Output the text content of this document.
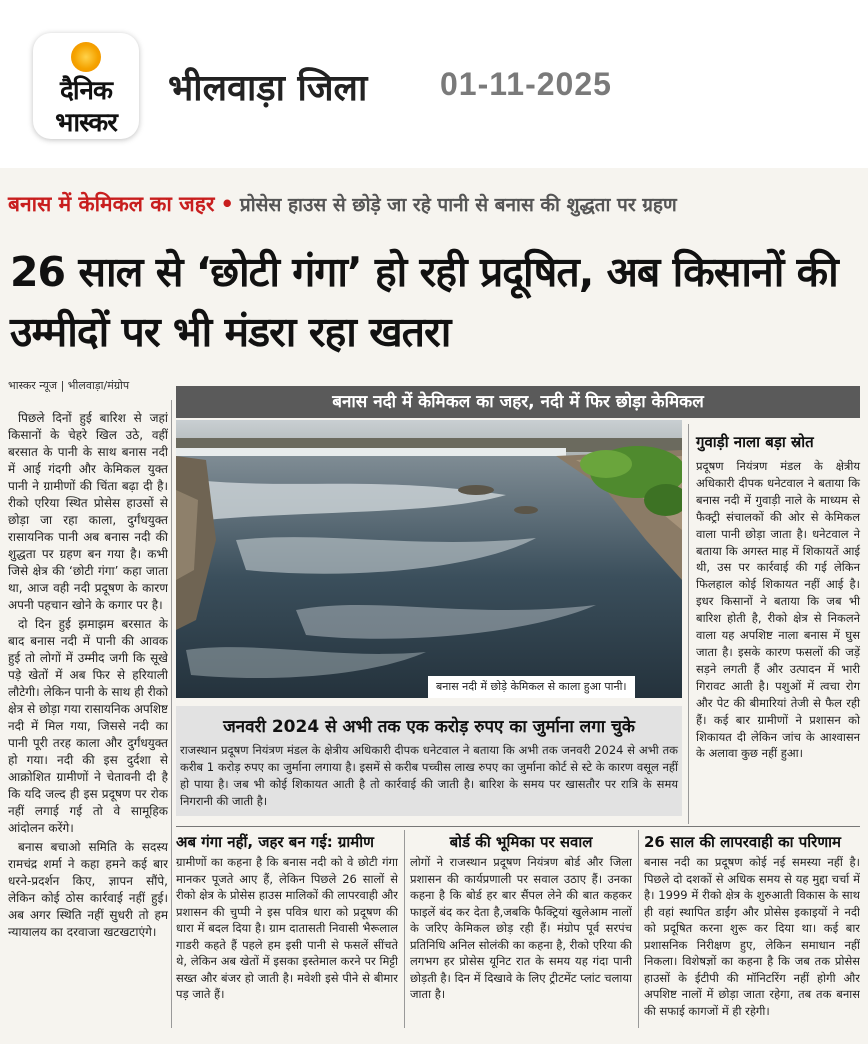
दैनिक
भास्कर
भीलवाड़ा जिला 01-11-2025
बनास में केमिकल का जहर • प्रोसेस हाउस से छोड़े जा रहे पानी से बनास की शुद्धता पर ग्रहण
26 साल से ‘छोटी गंगा’ हो रही प्रदूषित, अब किसानों की उम्मीदों पर भी मंडरा रहा खतरा
भास्कर न्यूज | भीलवाड़ा/मंग्रोप
बनास नदी में केमिकल का जहर, नदी में फिर छोड़ा केमिकल
बनास नदी में छोड़े केमिकल से काला हुआ पानी।

पिछले दिनों हुई बारिश से जहां किसानों के चेहरे खिल उठे, वहीं बरसात के पानी के साथ बनास नदी में आई गंदगी और केमिकल युक्त पानी ने ग्रामीणों की चिंता बढ़ा दी है। रीको एरिया स्थित प्रोसेस हाउसों से छोड़ा जा रहा काला, दुर्गंधयुक्त रासायनिक पानी अब बनास नदी की शुद्धता पर ग्रहण बन गया है। कभी जिसे क्षेत्र की ‘छोटी गंगा’ कहा जाता था, आज वही नदी प्रदूषण के कारण अपनी पहचान खोने के कगार पर है।

दो दिन हुई झमाझम बरसात के बाद बनास नदी में पानी की आवक हुई तो लोगों में उम्मीद जगी कि सूखे पड़े खेतों में अब फिर से हरियाली लौटेगी। लेकिन पानी के साथ ही रीको क्षेत्र से छोड़ा गया रासायनिक अपशिष्ट नदी में मिल गया, जिससे नदी का पानी पूरी तरह काला और दुर्गंधयुक्त हो गया। नदी की इस दुर्दशा से आक्रोशित ग्रामीणों ने चेतावनी दी है कि यदि जल्द ही इस प्रदूषण पर रोक नहीं लगाई गई तो वे सामूहिक आंदोलन करेंगे।

बनास बचाओ समिति के सदस्य रामचंद्र शर्मा ने कहा हमने कई बार धरने-प्रदर्शन किए, ज्ञापन सौंपे, लेकिन कोई ठोस कार्रवाई नहीं हुई। अब अगर स्थिति नहीं सुधरी तो हम न्यायालय का दरवाजा खटखटाएंगे।

गुवाड़ी नाला बड़ा स्रोत
प्रदूषण नियंत्रण मंडल के क्षेत्रीय अधिकारी दीपक धनेटवाल ने बताया कि बनास नदी में गुवाड़ी नाले के माध्यम से फैक्ट्री संचालकों की ओर से केमिकल वाला पानी छोड़ा जाता है। धनेटवाल ने बताया कि अगस्त माह में शिकायतें आई थी, उस पर कार्रवाई की गई लेकिन फिलहाल कोई शिकायत नहीं आई है। इधर किसानों ने बताया कि जब भी बारिश होती है, रीको क्षेत्र से निकलने वाला यह अपशिष्ट नाला बनास में घुस जाता है। इसके कारण फसलों की जड़ें सड़ने लगती हैं और उत्पादन में भारी गिरावट आती है। पशुओं में त्वचा रोग और पेट की बीमारियां तेजी से फैल रही हैं। कई बार ग्रामीणों ने प्रशासन को शिकायत दी लेकिन जांच के आश्वासन के अलावा कुछ नहीं हुआ।
जनवरी 2024 से अभी तक एक करोड़ रुपए का जुर्माना लगा चुके
राजस्थान प्रदूषण नियंत्रण मंडल के क्षेत्रीय अधिकारी दीपक धनेटवाल ने बताया कि अभी तक जनवरी 2024 से अभी तक करीब 1 करोड़ रुपए का जुर्माना लगाया है। इसमें से करीब पच्चीस लाख रुपए का जुर्माना कोर्ट से स्टे के कारण वसूल नहीं हो पाया है। जब भी कोई शिकायत आती है तो कार्रवाई की जाती है। बारिश के समय पर खासतौर पर रात्रि के समय निगरानी की जाती है।
अब गंगा नहीं, जहर बन गई: ग्रामीण
ग्रामीणों का कहना है कि बनास नदी को वे छोटी गंगा मानकर पूजते आए हैं, लेकिन पिछले 26 सालों से रीको क्षेत्र के प्रोसेस हाउस मालिकों की लापरवाही और प्रशासन की चुप्पी ने इस पवित्र धारा को प्रदूषण की धारा में बदल दिया है। ग्राम दातासती निवासी भैरूलाल गाडरी कहते हैं पहले हम इसी पानी से फसलें सींचते थे, लेकिन अब खेतों में इसका इस्तेमाल करने पर मिट्टी सख्त और बंजर हो जाती है। मवेशी इसे पीने से बीमार पड़ जाते हैं।
बोर्ड की भूमिका पर सवाल
लोगों ने राजस्थान प्रदूषण नियंत्रण बोर्ड और जिला प्रशासन की कार्यप्रणाली पर सवाल उठाए हैं। उनका कहना है कि बोर्ड हर बार सैंपल लेने की बात कहकर फाइलें बंद कर देता है,जबकि फैक्ट्रियां खुलेआम नालों के जरिए केमिकल छोड़ रही हैं। मंग्रोप पूर्व सरपंच प्रतिनिधि अनिल सोलंकी का कहना है, रीको एरिया की लगभग हर प्रोसेस यूनिट रात के समय यह गंदा पानी छोड़ती है। दिन में दिखावे के लिए ट्रीटमेंट प्लांट चलाया जाता है।
26 साल की लापरवाही का परिणाम
बनास नदी का प्रदूषण कोई नई समस्या नहीं है। पिछले दो दशकों से अधिक समय से यह मुद्दा चर्चा में है। 1999 में रीको क्षेत्र के शुरुआती विकास के साथ ही वहां स्थापित डाईंग और प्रोसेस इकाइयों ने नदी को प्रदूषित करना शुरू कर दिया था। कई बार प्रशासनिक निरीक्षण हुए, लेकिन समाधान नहीं निकला। विशेषज्ञों का कहना है कि जब तक प्रोसेस हाउसों के ईटीपी की मॉनिटरिंग नहीं होगी और अपशिष्ट नालों में छोड़ा जाता रहेगा, तब तक बनास की सफाई कागजों में ही रहेगी।
